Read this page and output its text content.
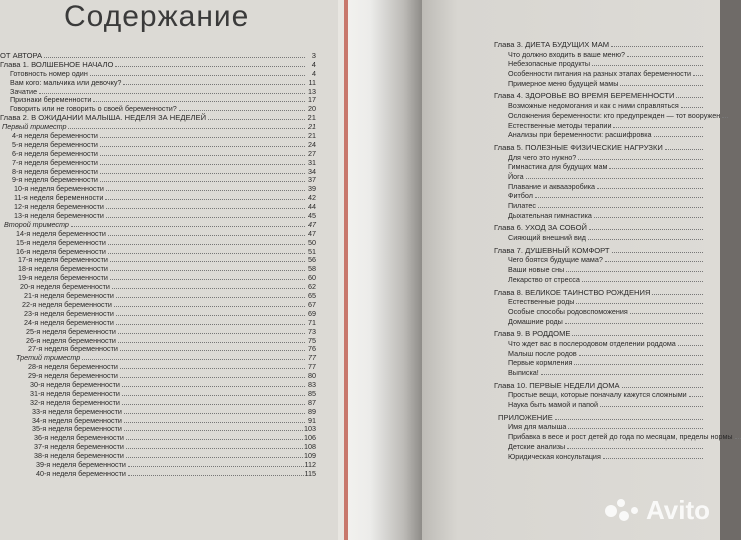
Содержание
ОТ АВТОРА	3
Глава 1. ВОЛШЕБНОЕ НАЧАЛО	4
Готовность номер один	4
Вам кого: мальчика или девочку?	11
Зачатие	13
Признаки беременности	17
Говорить или не говорить о своей беременности?	20
Глава 2. В ОЖИДАНИИ МАЛЫША. НЕДЕЛЯ ЗА НЕДЕЛЕЙ	21
Первый триместр	21
4-я неделя беременности	21
5-я неделя беременности	24
6-я неделя беременности	27
7-я неделя беременности	31
8-я неделя беременности	34
9-я неделя беременности	37
10-я неделя беременности	39
11-я неделя беременности	42
12-я неделя беременности	44
13-я неделя беременности	45
Второй триместр	47
14-я неделя беременности	47
15-я неделя беременности	50
16-я неделя беременности	51
17-я неделя беременности	56
18-я неделя беременности	58
19-я неделя беременности	60
20-я неделя беременности	62
21-я неделя беременности	65
22-я неделя беременности	67
23-я неделя беременности	69
24-я неделя беременности	71
25-я неделя беременности	73
26-я неделя беременности	75
27-я неделя беременности	76
Третий триместр	77
28-я неделя беременности	77
29-я неделя беременности	80
30-я неделя беременности	83
31-я неделя беременности	85
32-я неделя беременности	87
33-я неделя беременности	89
34-я неделя беременности	91
35-я неделя беременности	103
36-я неделя беременности	106
37-я неделя беременности	108
38-я неделя беременности	109
39-я неделя беременности	112
40-я неделя беременности	115
Глава 3. ДИЕТА БУДУЩИХ МАМ
Что должно входить в ваше меню?
Небезопасные продукты
Особенности питания на разных этапах беременности
Примерное меню будущей мамы
Глава 4. ЗДОРОВЬЕ ВО ВРЕМЯ БЕРЕМЕННОСТИ
Возможные недомогания и как с ними справляться
Осложнения беременности: кто предупрежден — тот вооружен
Естественные методы терапии
Анализы при беременности: расшифровка
Глава 5. ПОЛЕЗНЫЕ ФИЗИЧЕСКИЕ НАГРУЗКИ
Для чего это нужно?
Гимнастика для будущих мам
Йога
Плавание и аквааэробика
Фитбол
Пилатес
Дыхательная гимнастика
Глава 6. УХОД ЗА СОБОЙ
Сияющий внешний вид
Глава 7. ДУШЕВНЫЙ КОМФОРТ
Чего боятся будущие мама?
Ваши новые сны
Лекарство от стресса
Глава 8. ВЕЛИКОЕ ТАИНСТВО РОЖДЕНИЯ
Естественные роды
Особые способы родовспоможения
Домашние роды
Глава 9. В РОДДОМЕ
Что ждет вас в послеродовом отделении роддома
Малыш после родов
Первые кормления
Выписка!
Глава 10. ПЕРВЫЕ НЕДЕЛИ ДОМА
Простые вещи, которые поначалу кажутся сложными
Наука быть мамой и папой
ПРИЛОЖЕНИЕ
Имя для малыша
Прибавка в весе и рост детей до года по месяцам, пределы нормы
Детские анализы
Юридическая консультация
Avito
